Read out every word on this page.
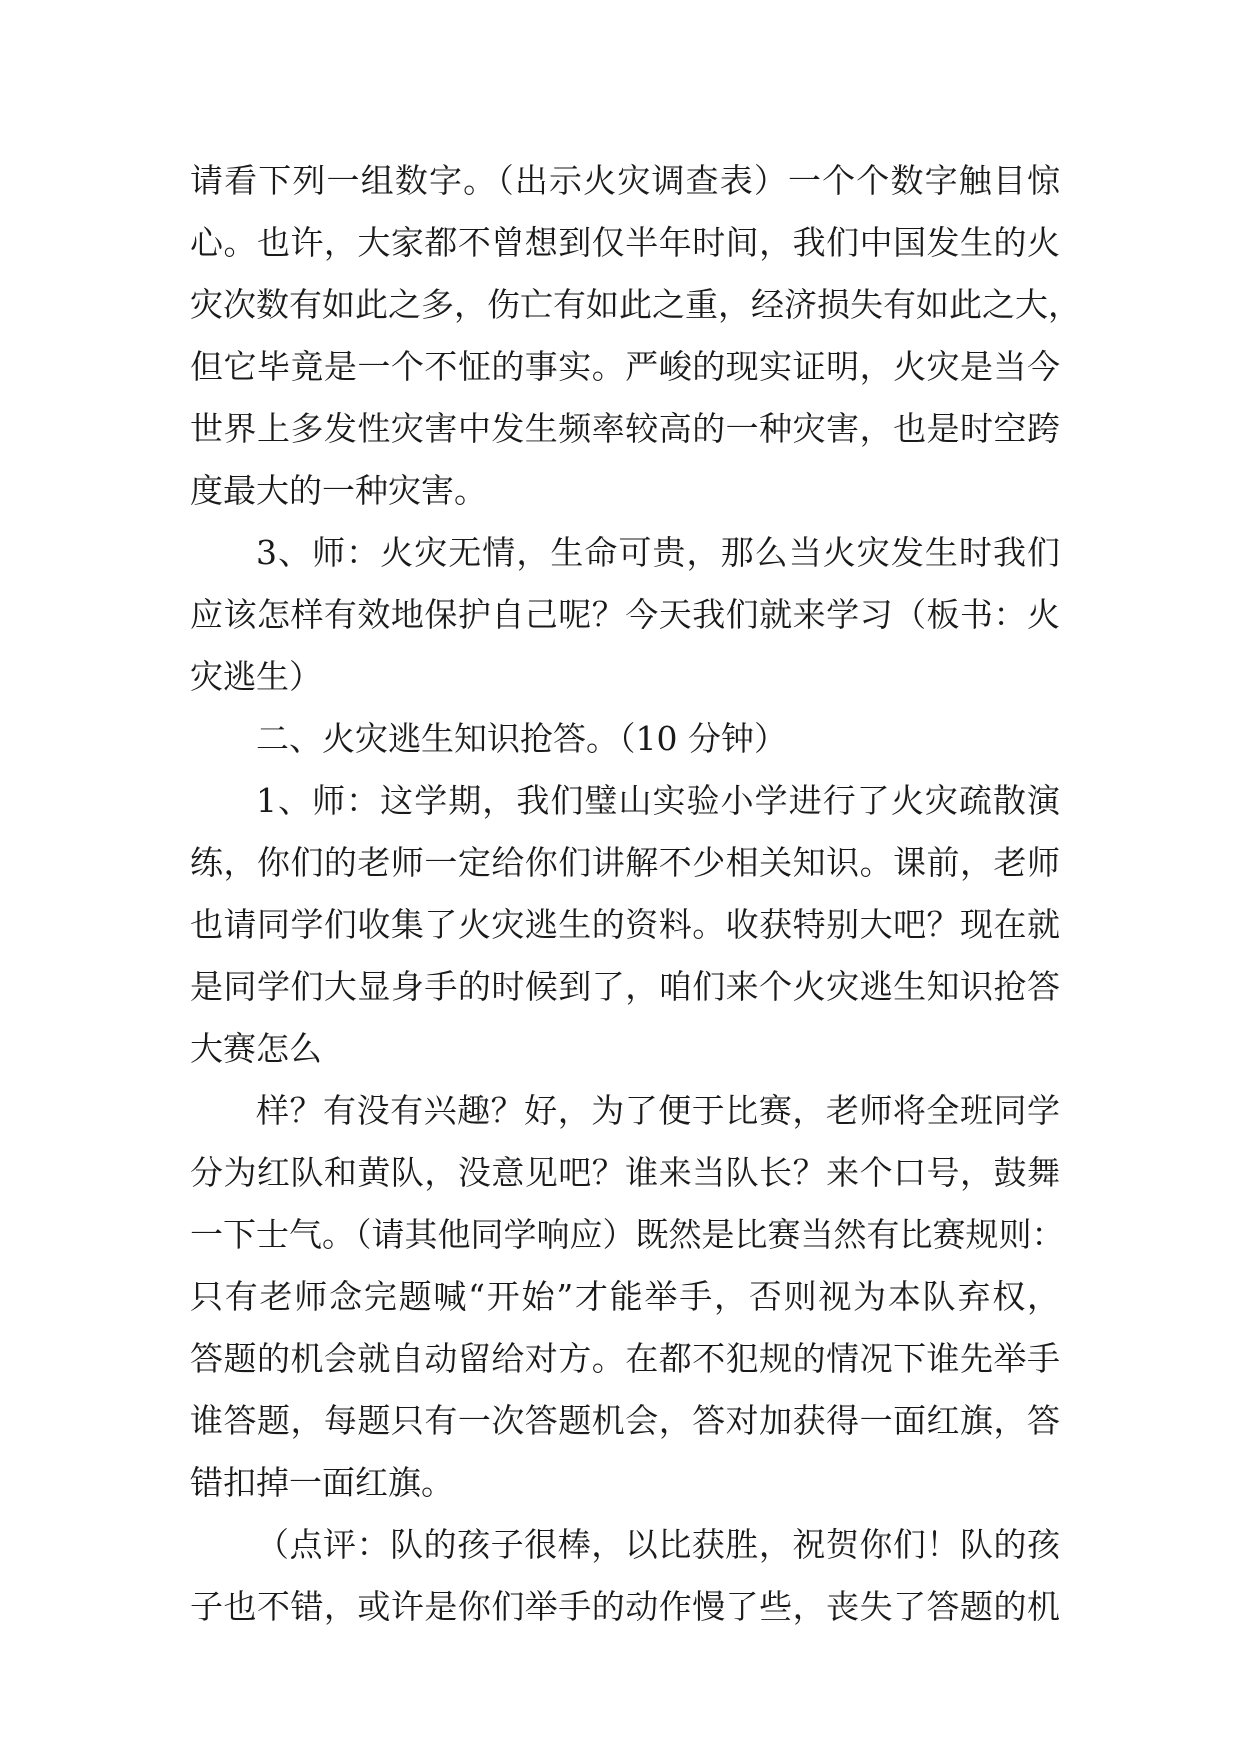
请看下列一组数字。（出示火灾调查表）一个个数字触目惊
心。也许，大家都不曾想到仅半年时间，我们中国发生的火
灾次数有如此之多，伤亡有如此之重，经济损失有如此之大，
但它毕竟是一个不怔的事实。严峻的现实证明，火灾是当今
世界上多发性灾害中发生频率较高的一种灾害，也是时空跨
度最大的一种灾害。
3、师：火灾无情，生命可贵，那么当火灾发生时我们
应该怎样有效地保护自己呢？今天我们就来学习（板书：火
灾逃生）
二、火灾逃生知识抢答。（10 分钟）
1、师：这学期，我们璧山实验小学进行了火灾疏散演
练，你们的老师一定给你们讲解不少相关知识。课前，老师
也请同学们收集了火灾逃生的资料。收获特别大吧？现在就
是同学们大显身手的时候到了，咱们来个火灾逃生知识抢答
大赛怎么
样？有没有兴趣？好，为了便于比赛，老师将全班同学
分为红队和黄队，没意见吧？谁来当队长？来个口号，鼓舞
一下士气。（请其他同学响应）既然是比赛当然有比赛规则：
只有老师念完题喊“开始”才能举手，否则视为本队弃权，
答题的机会就自动留给对方。在都不犯规的情况下谁先举手
谁答题，每题只有一次答题机会，答对加获得一面红旗，答
错扣掉一面红旗。
（点评：队的孩子很棒，以比获胜，祝贺你们！队的孩
子也不错，或许是你们举手的动作慢了些，丧失了答题的机
